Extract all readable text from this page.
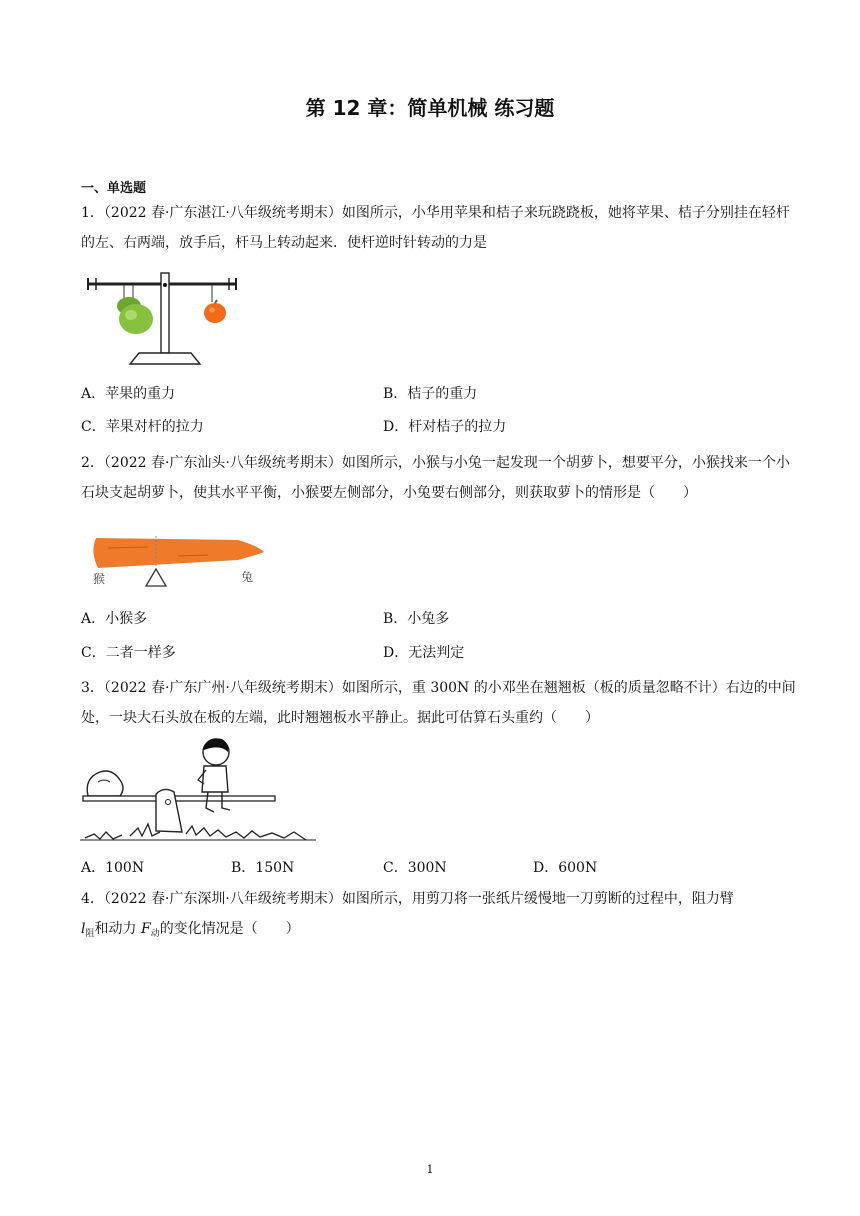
第 12 章：简单机械 练习题
一、单选题
1．（2022 春·广东湛江·八年级统考期末）如图所示，小华用苹果和桔子来玩跷跷板，她将苹果、桔子分别挂在轻杆的左、右两端，放手后，杆马上转动起来．使杆逆时针转动的力是
A．苹果的重力	B．桔子的重力
C．苹果对杆的拉力	D．杆对桔子的拉力
2．（2022 春·广东汕头·八年级统考期末）如图所示，小猴与小兔一起发现一个胡萝卜，想要平分，小猴找来一个小石块支起胡萝卜，使其水平平衡，小猴要左侧部分，小兔要右侧部分，则获取萝卜的情形是（　　）
猴	兔
A．小猴多	B．小兔多
C．二者一样多	D．无法判定
3．（2022 春·广东广州·八年级统考期末）如图所示，重 300N 的小邓坐在翘翘板（板的质量忽略不计）右边的中间处，一块大石头放在板的左端，此时翘翘板水平静止。据此可估算石头重约（　　）
A．100N	B．150N	C．300N	D．600N
4．（2022 春·广东深圳·八年级统考期末）如图所示，用剪刀将一张纸片缓慢地一刀剪断的过程中，阻力臂
$l_阻$和动力 $F_动$的变化情况是（　　）
1
